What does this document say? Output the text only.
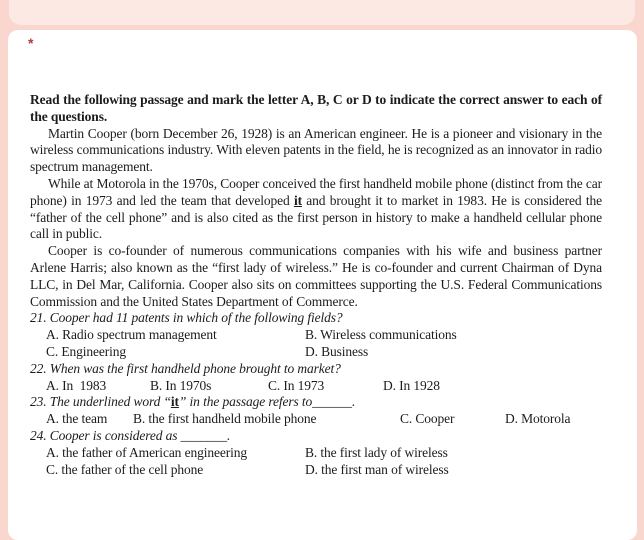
*

Read the following passage and mark the letter A, B, C or D to indicate the correct answer to each of the questions.

Martin Cooper (born December 26, 1928) is an American engineer. He is a pioneer and visionary in the wireless communications industry. With eleven patents in the field, he is recognized as an innovator in radio spectrum management.

While at Motorola in the 1970s, Cooper conceived the first handheld mobile phone (distinct from the car phone) in 1973 and led the team that developed it and brought it to market in 1983. He is considered the “father of the cell phone” and is also cited as the first person in history to make a handheld cellular phone call in public.

Cooper is co-founder of numerous communications companies with his wife and business partner Arlene Harris; also known as the “first lady of wireless.” He is co-founder and current Chairman of Dyna LLC, in Del Mar, California. Cooper also sits on committees supporting the U.S. Federal Communications Commission and the United States Department of Commerce.

21. Cooper had 11 patents in which of the following fields?

A. Radio spectrum management	B. Wireless communications
C. Engineering	D. Business

22. When was the first handheld phone brought to market?

A. In  1983	B. In 1970s	C. In 1973	D. In 1928

23. The underlined word “it” in the passage refers to______.

A. the team B. the first handheld mobile phone	C. Cooper	D. Motorola

24. Cooper is considered as _______.

A. the father of American engineering	B. the first lady of wireless
C. the father of the cell phone	D. the first man of wireless
